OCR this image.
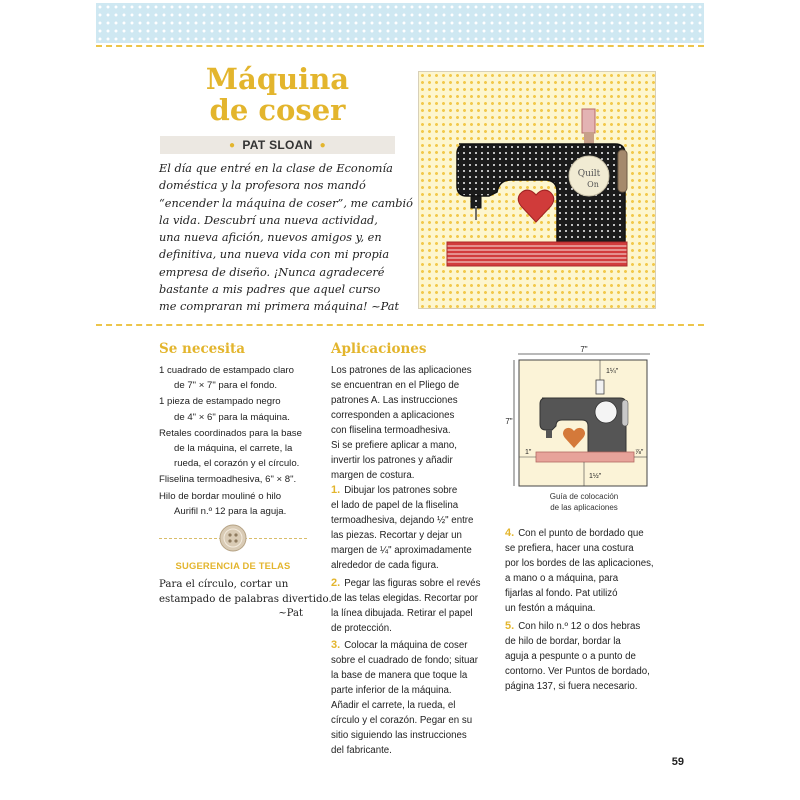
Máquina
de coser
● PAT SLOAN ●
El día que entré en la clase de Economía
doméstica y la profesora nos mandó
“encender la máquina de coser”, me cambió
la vida. Descubrí una nueva actividad,
una nueva afición, nuevos amigos y, en
definitiva, una nueva vida con mi propia
empresa de diseño. ¡Nunca agradeceré
bastante a mis padres que aquel curso
me compraran mi primera máquina! ~Pat
Quilt
On
Se necesita
1 cuadrado de estampado claro
de 7" × 7" para el fondo.
1 pieza de estampado negro
de 4" × 6" para la máquina.
Retales coordinados para la base
de la máquina, el carrete, la
rueda, el corazón y el círculo.
Fliselina termoadhesiva, 6" × 8".
Hilo de bordar mouliné o hilo
Aurifil n.º 12 para la aguja.
SUGERENCIA DE TELAS
Para el círculo, cortar un
estampado de palabras divertido.
~Pat
Aplicaciones
Los patrones de las aplicaciones
se encuentran en el Pliego de
patrones A. Las instrucciones
corresponden a aplicaciones
con fliselina termoadhesiva.
Si se prefiere aplicar a mano,
invertir los patrones y añadir
margen de costura.
1. Dibujar los patrones sobre
el lado de papel de la fliselina
termoadhesiva, dejando ½" entre
las piezas. Recortar y dejar un
margen de ¼" aproximadamente
alrededor de cada figura.
2. Pegar las figuras sobre el revés
de las telas elegidas. Recortar por
la línea dibujada. Retirar el papel
de protección.
3. Colocar la máquina de coser
sobre el cuadrado de fondo; situar
la base de manera que toque la
parte inferior de la máquina.
Añadir el carrete, la rueda, el
círculo y el corazón. Pegar en su
sitio siguiendo las instrucciones
del fabricante.
7"
7"
1¼"
1"	⅞"
1½"
Guía de colocación
de las aplicaciones
4. Con el punto de bordado que
se prefiera, hacer una costura
por los bordes de las aplicaciones,
a mano o a máquina, para
fijarlas al fondo. Pat utilizó
un festón a máquina.
5. Con hilo n.º 12 o dos hebras
de hilo de bordar, bordar la
aguja a pespunte o a punto de
contorno. Ver Puntos de bordado,
página 137, si fuera necesario.
59
